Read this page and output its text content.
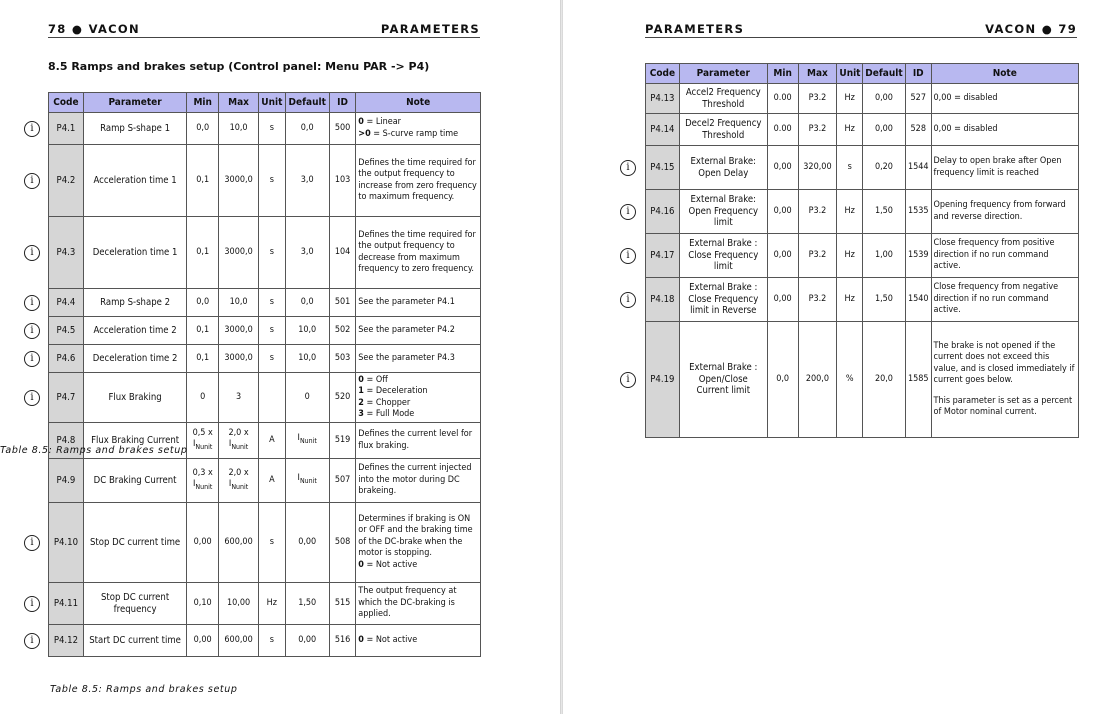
78 ● VACON	PARAMETERS
8.5 Ramps and brakes setup (Control panel: Menu PAR -> P4)
Code	Parameter	Min	Max	Unit	Default	ID	Note
P4.1	Ramp S-shape 1	0,0	10,0	s	0,0	500	0 = Linear
>0 = S-curve ramp time

P4.2	Acceleration time 1	0,1	3000,0	s	3,0	103	Defines the time required for the output frequency to increase from zero frequency to maximum frequency.

P4.3	Deceleration time 1	0,1	3000,0	s	3,0	104	Defines the time required for the output frequency to decrease from maximum frequency to zero frequency.

P4.4	Ramp S-shape 2	0,0	10,0	s	0,0	501	See the parameter P4.1

P4.5	Acceleration time 2	0,1	3000,0	s	10,0	502	See the parameter P4.2

P4.6	Deceleration time 2	0,1	3000,0	s	10,0	503	See the parameter P4.3

P4.7	Flux Braking	0	3		0	520	0 = Off
1 = Deceleration
2 = Chopper
3 = Full Mode

P4.8	Flux Braking Current	0,5 x $I_{Nunit}$	2,0 x $I_{Nunit}$	A	$I_{Nunit}$	519	Defines the current level for flux braking.

P4.9	DC Braking Current	0,3 x $I_{Nunit}$	2,0 x $I_{Nunit}$	A	$I_{Nunit}$	507	Defines the current injected into the motor during DC brakeing.

P4.10	Stop DC current time	0,00	600,00	s	0,00	508	Determines if braking is ON or OFF and the braking time of the DC-brake when the motor is stopping.
0 = Not active

P4.11	Stop DC current frequency	0,10	10,00	Hz	1,50	515	The output frequency at which the DC-braking is applied.

P4.12	Start DC current time	0,00	600,00	s	0,00	516	0 = Not active
Table 8.5: Ramps and brakes setup
i
i
i
i
i
i
i
i
i
i
PARAMETERS	VACON ● 79
Code	Parameter	Min	Max	Unit	Default	ID	Note
P4.13	Accel2 Frequency Threshold	0.00	P3.2	Hz	0,00	527	0,00 = disabled

P4.14	Decel2 Frequency Threshold	0.00	P3.2	Hz	0,00	528	0,00 = disabled

P4.15	External Brake: Open Delay	0,00	320,00	s	0,20	1544	Delay to open brake after Open frequency limit is reached

P4.16	External Brake: Open Frequency limit	0,00	P3.2	Hz	1,50	1535	Opening frequency from forward and reverse direction.

P4.17	External Brake : Close Frequency limit	0,00	P3.2	Hz	1,00	1539	Close frequency from positive direction if no run command active.

P4.18	External Brake : Close Frequency limit in Reverse	0,00	P3.2	Hz	1,50	1540	Close frequency from negative direction if no run command active.

P4.19	External Brake : Open/Close Current limit	0,0	200,0	%	20,0	1585	The brake is not opened if the current does not exceed this value, and is closed immediately if current goes below.
This parameter is set as a percent of Motor nominal current.
i
i
i
i
i
Table 8.5: Ramps and brakes setup
